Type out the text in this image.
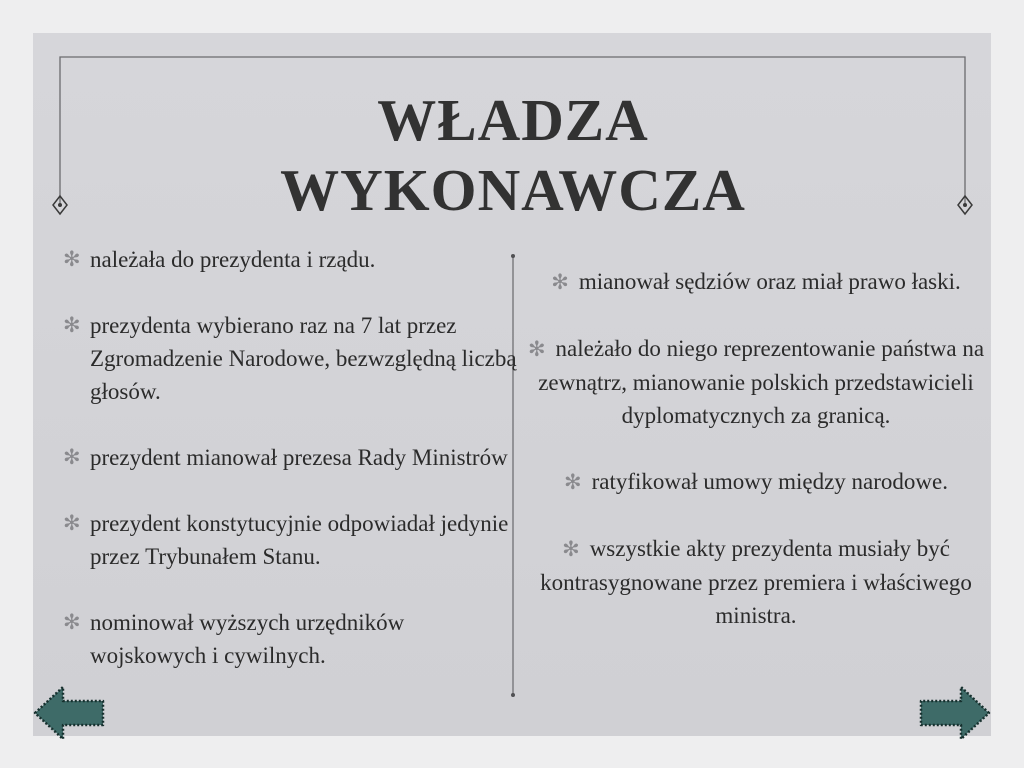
WŁADZA
WYKONAWCZA
✻ należała do prezydenta i rządu.
✻ prezydenta wybierano raz na 7 lat przez Zgromadzenie Narodowe, bezwzględną liczbą głosów.
✻ prezydent mianował prezesa Rady Ministrów
✻ prezydent konstytucyjnie odpowiadał jedynie przez Trybunałem Stanu.
✻ nominował wyższych urzędników wojskowych i cywilnych.
✻ mianował sędziów oraz miał prawo łaski.
✻ należało do niego reprezentowanie państwa na zewnątrz, mianowanie polskich przedstawicieli dyplomatycznych za granicą.
✻ ratyfikował umowy między narodowe.
✻ wszystkie akty prezydenta musiały być kontrasygnowane przez premiera i właściwego ministra.
